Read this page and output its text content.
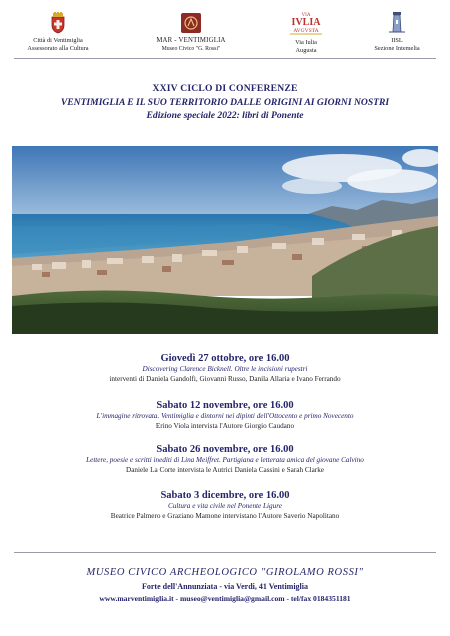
Città di Ventimiglia
Assessorato alla Cultura
MAR - VENTIMIGLIA
Museo Civico "G. Rossi"
VIA
IVLIA
AVGVSTA
Via Iulia
Augusta
IISL
Sezione Intemelia
XXIV CICLO DI CONFERENZE
VENTIMIGLIA E IL SUO TERRITORIO DALLE ORIGINI AI GIORNI NOSTRI
Edizione speciale 2022: libri di Ponente
Giovedì 27 ottobre, ore 16.00
Discovering Clarence Bicknell. Oltre le incisioni rupestri
interventi di Daniela Gandolfi, Giovanni Russo, Danila Allaria e Ivano Ferrando
Sabato 12 novembre, ore 16.00
L'immagine ritrovata. Ventimiglia e dintorni nei dipinti dell'Ottocento e primo Novecento
Erino Viola intervista l'Autore Giorgio Caudano
Sabato 26 novembre, ore 16.00
Lettere, poesie e scritti inediti di Lina Meiffret. Partigiana e letterata amica del giovane Calvino
Daniele La Corte intervista le Autrici Daniela Cassini e Sarah Clarke
Sabato 3 dicembre, ore 16.00
Cultura e vita civile nel Ponente Ligure
Beatrice Palmero e Graziano Mamone intervistano l'Autore Saverio Napolitano
MUSEO CIVICO ARCHEOLOGICO "GIROLAMO ROSSI"
Forte dell'Annunziata - via Verdi, 41 Ventimiglia
www.marventimiglia.it - museo@ventimiglia@gmail.com - tel/fax 0184351181
